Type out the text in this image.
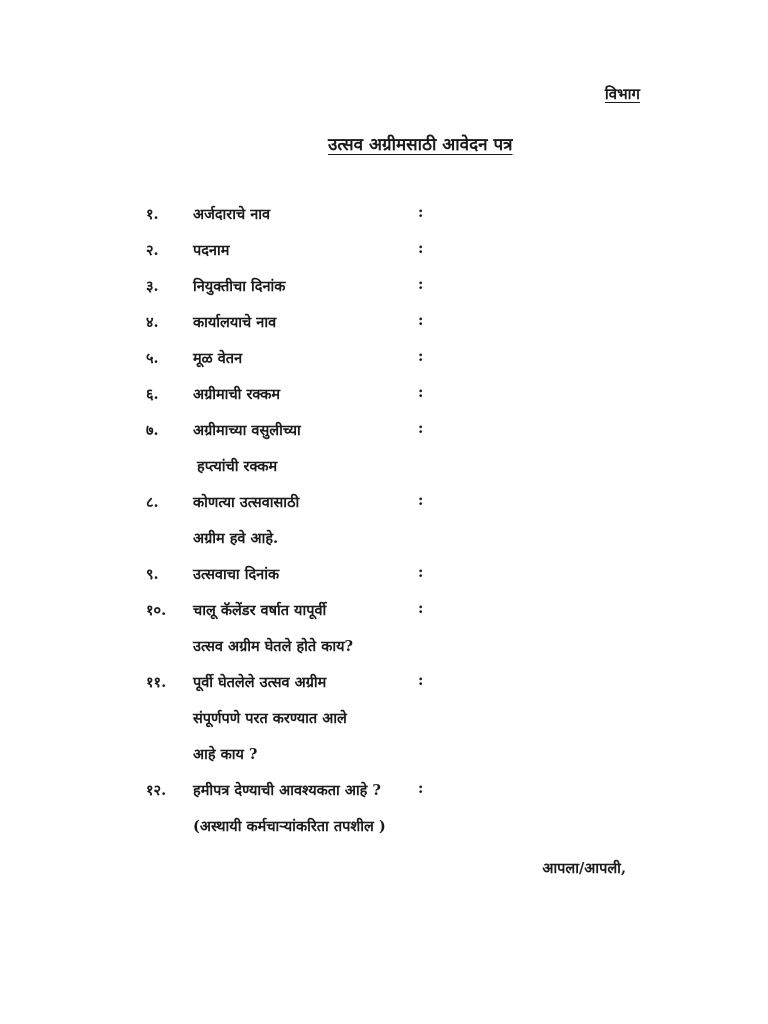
विभाग
उत्सव अग्रीमसाठी आवेदन पत्र
१. अर्जदाराचे नाव	:
२. पदनाम	:
३. नियुक्तीचा दिनांक	:
४. कार्यालयाचे नाव	:
५. मूळ वेतन	:
६. अग्रीमाची रक्कम	:
७. अग्रीमाच्या वसुलीच्या	:
हप्त्यांची रक्कम
८. कोणत्या उत्सवासाठी	:
अग्रीम हवे आहे.
९. उत्सवाचा दिनांक	:
१०. चालू कॅलेंडर वर्षात यापूर्वी	:
उत्सव अग्रीम घेतले होते काय?
११. पूर्वी घेतलेले उत्सव अग्रीम	:
संपूर्णपणे परत करण्यात आले
आहे काय ?
१२. हमीपत्र देण्याची आवश्यकता आहे ?	:
(अस्थायी कर्मचाऱ्यांकरिता तपशील )
आपला/आपली,
